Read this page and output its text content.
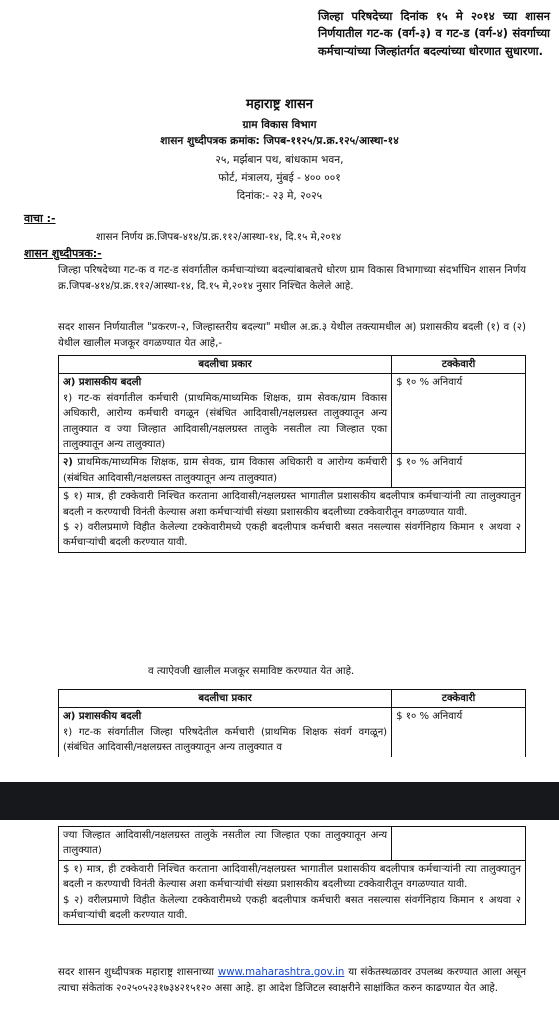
जिल्हा परिषदेच्या दिनांक १५ मे २०१४ च्या शासन निर्णयातील गट-क (वर्ग-३) व गट-ड (वर्ग-४) संवर्गाच्या कर्मचाऱ्यांच्या जिल्हांतर्गत बदल्यांच्या धोरणात सुधारणा.
महाराष्ट्र शासन
ग्राम विकास विभाग
शासन शुध्दीपत्रक क्रमांक: जिपब-११२५/प्र.क्र.१२५/आस्था-१४
२५, मर्झबान पथ, बांधकाम भवन,
फोर्ट, मंत्रालय, मुंबई - ४०० ००१
दिनांक:- २३ मे, २०२५
वाचा :-
शासन निर्णय क्र.जिपब-४१४/प्र.क्र.११२/आस्था-१४, दि.१५ मे,२०१४
शासन शुध्दीपत्रक:-
जिल्हा परिषदेच्या गट-क व गट-ड संवर्गातील कर्मचाऱ्यांच्या बदल्यांबाबतचे धोरण ग्राम विकास विभागाच्या संदर्भाधिन शासन निर्णय क्र.जिपब-४१४/प्र.क्र.११२/आस्था-१४, दि.१५ मे,२०१४ नुसार निश्चित केलेले आहे.
सदर शासन निर्णयातील "प्रकरण-२, जिल्हास्तरीय बदल्या" मधील अ.क्र.३ येथील तक्त्यामधील अ) प्रशासकीय बदली (१) व (२) येथील खालील मजकूर वगळण्यात येत आहे,-
बदलीचा प्रकार	टक्केवारी

अ) प्रशासकीय बदली
१) गट-क संवर्गातील कर्मचारी (प्राथमिक/माध्यमिक शिक्षक, ग्राम सेवक/ग्राम विकास अधिकारी, आरोग्य कर्मचारी वगळून (संबंधित आदिवासी/नक्षलग्रस्त तालुक्यातून अन्य तालुक्यात व ज्या जिल्हात आदिवासी/नक्षलग्रस्त तालुके नसतील त्या जिल्हात एका तालुक्यातून अन्य तालुक्यात)	$ १० % अनिवार्य
२) प्राथमिक/माध्यमिक शिक्षक, ग्राम सेवक, ग्राम विकास अधिकारी व आरोग्य कर्मचारी (संबंधित आदिवासी/नक्षलग्रस्त तालुक्यातून अन्य तालुक्यात)	$ १० % अनिवार्य

$ १) मात्र, ही टक्केवारी निश्चित करताना आदिवासी/नक्षलग्रस्त भागातील प्रशासकीय बदलीपात्र कर्मचाऱ्यांनी त्या तालुक्यातुन बदली न करण्याची विनंती केल्यास अशा कर्मचाऱ्यांची संख्या प्रशासकीय बदलीच्या टक्केवारीतून वगळण्यात यावी.
$ २) वरीलप्रमाणे विहीत केलेल्या टक्केवारीमध्ये एकही बदलीपात्र कर्मचारी बसत नसल्यास संवर्गनिहाय किमान १ अथवा २ कर्मचाऱ्यांची बदली करण्यात यावी.	
व त्याऐवजी खालील मजकूर समाविष्ट करण्यात येत आहे.
बदलीचा प्रकार	टक्केवारी

अ) प्रशासकीय बदली
१) गट-क संवर्गातील जिल्हा परिषदेतील कर्मचारी (प्राथमिक शिक्षक संवर्ग वगळून) (संबंधित आदिवासी/नक्षलग्रस्त तालुक्यातून अन्य तालुक्यात व	$ १० % अनिवार्य
ज्या जिल्हात आदिवासी/नक्षलग्रस्त तालुके नसतील त्या जिल्हात एका तालुक्यातून अन्य तालुक्यात)	

$ १) मात्र, ही टक्केवारी निश्चित करताना आदिवासी/नक्षलग्रस्त भागातील प्रशासकीय बदलीपात्र कर्मचाऱ्यांनी त्या तालुक्यातुन बदली न करण्याची विनंती केल्यास अशा कर्मचाऱ्यांची संख्या प्रशासकीय बदलीच्या टक्केवारीतून वगळण्यात यावी.
$ २) वरीलप्रमाणे विहीत केलेल्या टक्केवारीमध्ये एकही बदलीपात्र कर्मचारी बसत नसल्यास संवर्गनिहाय किमान १ अथवा २ कर्मचाऱ्यांची बदली करण्यात यावी.
सदर शासन शुध्दीपत्रक महाराष्ट्र शासनाच्या www.maharashtra.gov.in या संकेतस्थळावर उपलब्ध करण्यात आला असून त्याचा संकेतांक २०२५०५२३१७३४२१५१२० असा आहे. हा आदेश डिजिटल स्वाक्षरीने साक्षांकित करुन काढण्यात येत आहे.
